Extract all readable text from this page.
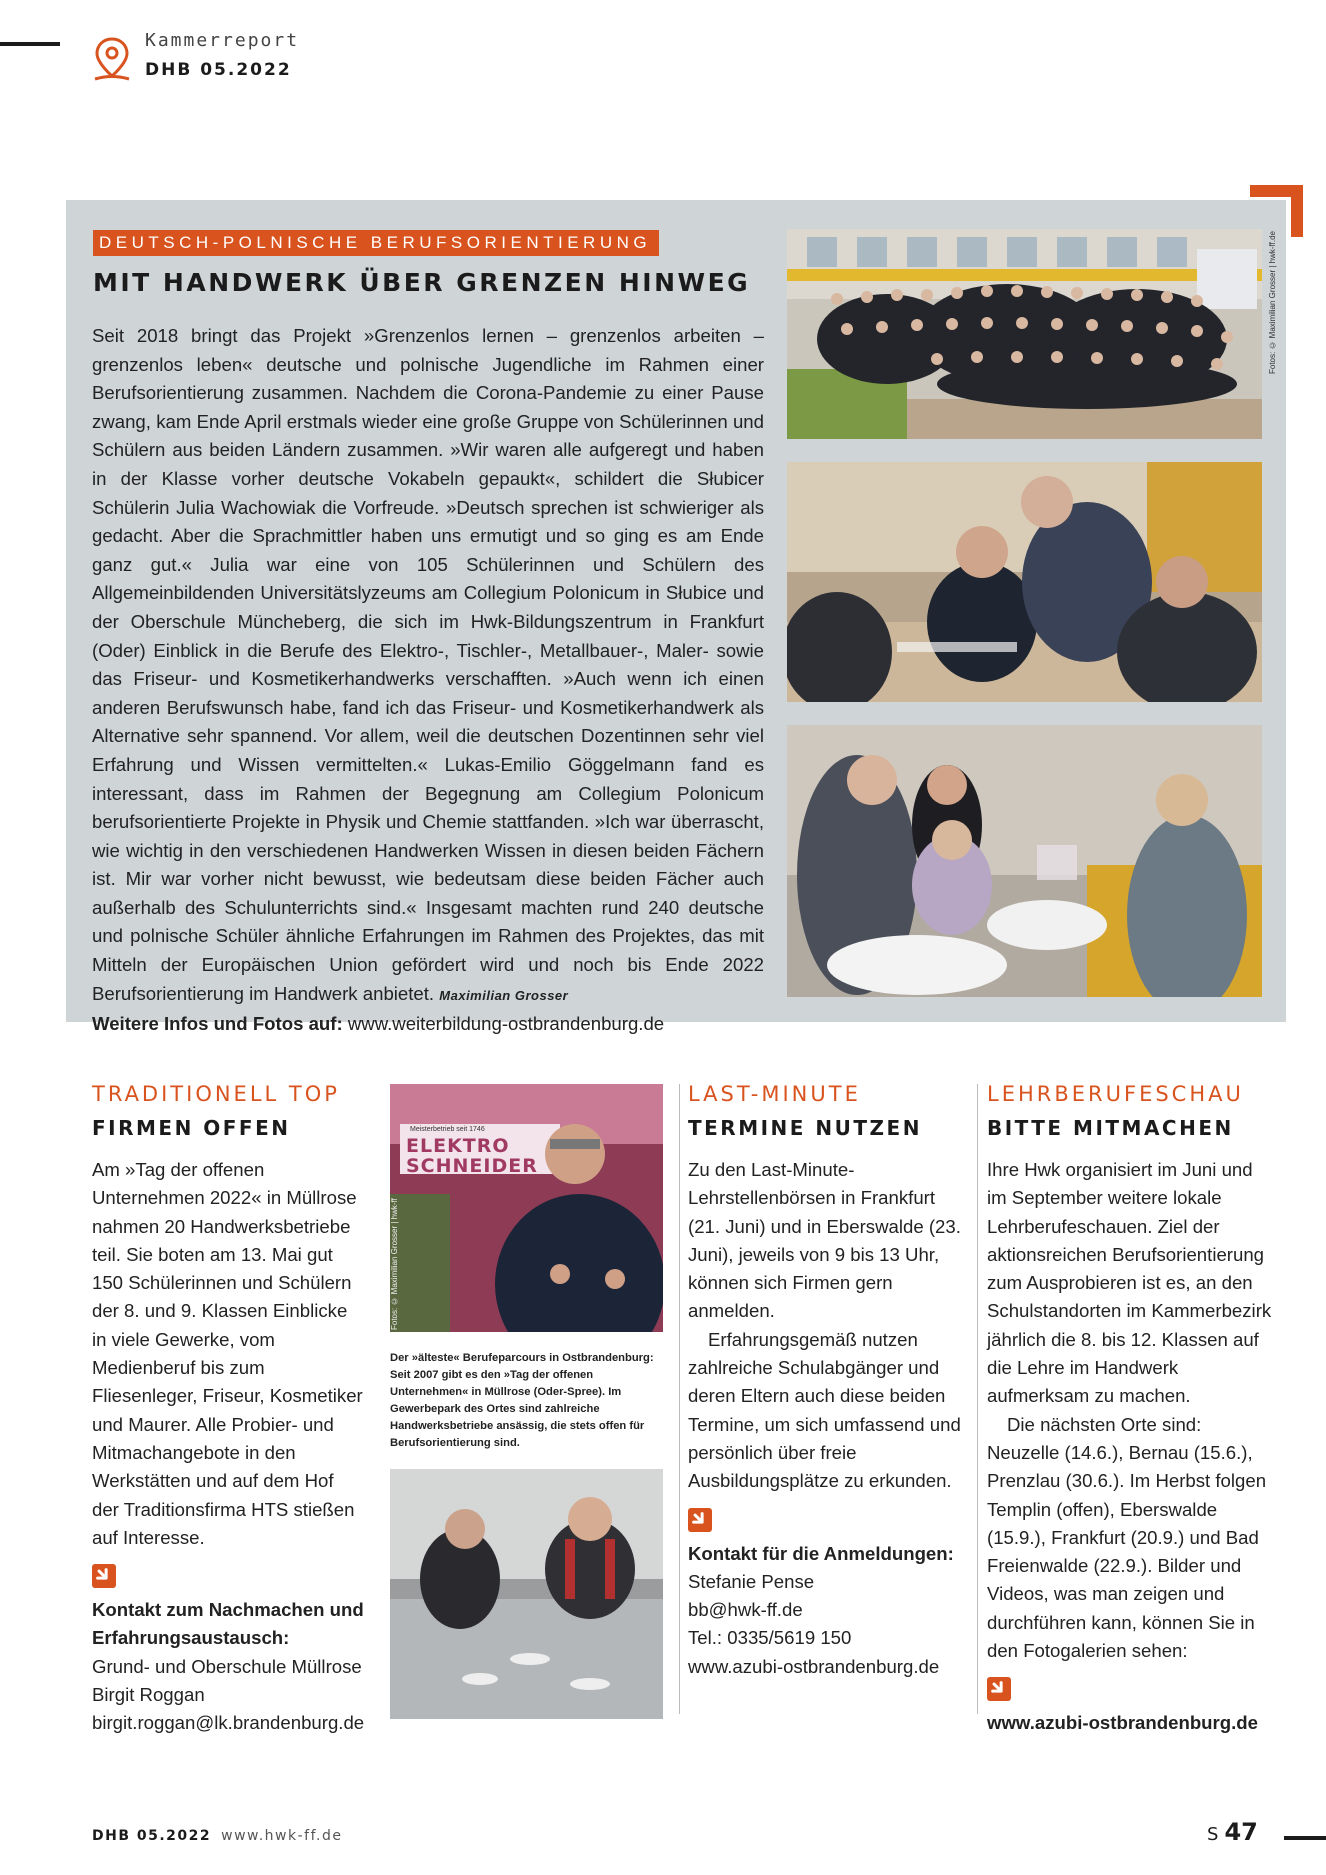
Kammerreport
DHB 05.2022
DEUTSCH-POLNISCHE BERUFSORIENTIERUNG
MIT HANDWERK ÜBER GRENZEN HINWEG
Seit 2018 bringt das Projekt »Grenzenlos lernen – grenzenlos arbeiten – grenzenlos leben« deutsche und polnische Jugendliche im Rahmen einer Berufsorientierung zusammen. Nachdem die Corona-Pandemie zu einer Pause zwang, kam Ende April erstmals wieder eine große Gruppe von Schülerinnen und Schülern aus beiden Ländern zusammen. »Wir waren alle aufgeregt und haben in der Klasse vorher deutsche Vokabeln gepaukt«, schildert die Słubicer Schülerin Julia Wachowiak die Vorfreude. »Deutsch sprechen ist schwieriger als gedacht. Aber die Sprachmittler haben uns ermutigt und so ging es am Ende ganz gut.« Julia war eine von 105 Schülerinnen und Schülern des Allgemeinbildenden Universitätslyzeums am Collegium Polonicum in Słubice und der Oberschule Müncheberg, die sich im Hwk-Bildungszentrum in Frankfurt (Oder) Einblick in die Berufe des Elektro-, Tischler-, Metallbauer-, Maler- sowie das Friseur- und Kosmetikerhandwerks verschafften. »Auch wenn ich einen anderen Berufswunsch habe, fand ich das Friseur- und Kosmetikerhandwerk als Alternative sehr spannend. Vor allem, weil die deutschen Dozentinnen sehr viel Erfahrung und Wissen vermittelten.« Lukas-Emilio Göggelmann fand es interessant, dass im Rahmen der Begegnung am Collegium Polonicum berufsorientierte Projekte in Physik und Chemie stattfanden. »Ich war überrascht, wie wichtig in den verschiedenen Handwerken Wissen in diesen beiden Fächern ist. Mir war vorher nicht bewusst, wie bedeutsam diese beiden Fächer auch außerhalb des Schulunterrichts sind.« Insgesamt machten rund 240 deutsche und polnische Schüler ähnliche Erfahrungen im Rahmen des Projektes, das mit Mitteln der Europäischen Union gefördert wird und noch bis Ende 2022 Berufsorientierung im Handwerk anbietet. Maximilian Grosser
Weitere Infos und Fotos auf: www.weiterbildung-ostbrandenburg.de
Fotos: © Maximilian Grosser | hwk-ff.de
TRADITIONELL TOP
FIRMEN OFFEN

Am »Tag der offenen Unternehmen 2022« in Müllrose nahmen 20 Handwerksbetriebe teil. Sie boten am 13. Mai gut 150 Schülerinnen und Schülern der 8. und 9. Klassen Einblicke in viele Gewerke, vom Medienberuf bis zum Fliesenleger, Friseur, Kosmetiker und Maurer. Alle Probier- und Mitmachangebote in den Werkstätten und auf dem Hof der Traditionsfirma HTS stießen auf Interesse.

Kontakt zum Nachmachen und Erfahrungsaustausch:

Grund- und Oberschule Müllrose

Birgit Roggan

birgit.roggan@lk.brandenburg.de

Meisterbetrieb seit 1746
ELEKTRO SCHNEIDER
Fotos: © Maximilian Grosser | hwk-ff
Der »älteste« Berufeparcours in Ostbrandenburg: Seit 2007 gibt es den »Tag der offenen Unternehmen« in Müllrose (Oder-Spree). Im Gewerbepark des Ortes sind zahlreiche Handwerksbetriebe ansässig, die stets offen für Berufsorientierung sind.
LAST-MINUTE
TERMINE NUTZEN

Zu den Last-Minute-Lehrstellenbörsen in Frankfurt (21. Juni) und in Eberswalde (23. Juni), jeweils von 9 bis 13 Uhr, können sich Firmen gern anmelden.

Erfahrungsgemäß nutzen zahlreiche Schulabgänger und deren Eltern auch diese beiden Termine, um sich umfassend und persönlich über freie Ausbildungsplätze zu erkunden.

Kontakt für die Anmeldungen:

Stefanie Pense

bb@hwk-ff.de

Tel.: 0335/5619 150

www.azubi-ostbrandenburg.de

LEHRBERUFESCHAU
BITTE MITMACHEN

Ihre Hwk organisiert im Juni und im September weitere lokale Lehrberufeschauen. Ziel der aktionsreichen Berufsorientierung zum Ausprobieren ist es, an den Schulstandorten im Kammerbezirk jährlich die 8. bis 12. Klassen auf die Lehre im Handwerk aufmerksam zu machen.

Die nächsten Orte sind: Neuzelle (14.6.), Bernau (15.6.), Prenzlau (30.6.). Im Herbst folgen Templin (offen), Eberswalde (15.9.), Frankfurt (20.9.) und Bad Freienwalde (22.9.). Bilder und Videos, was man zeigen und durchführen kann, können Sie in den Fotogalerien sehen:

www.azubi-ostbrandenburg.de

DHB 05.2022 www.hwk-ff.de	S 47
